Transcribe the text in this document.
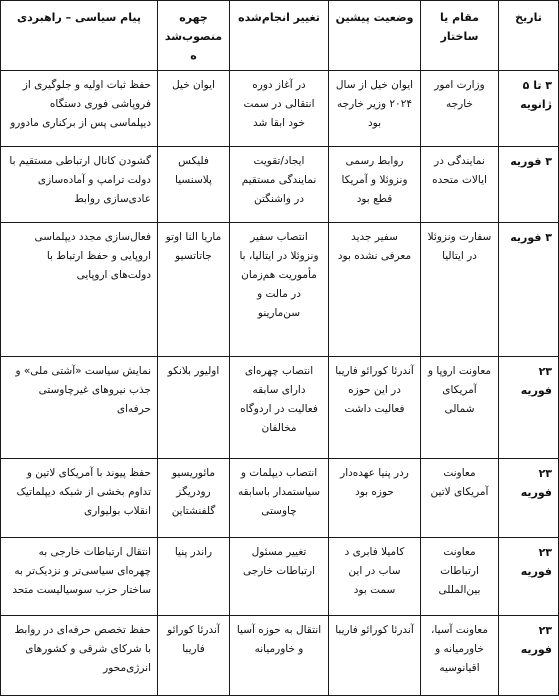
تاریخ	مقام یا ساختار	وضعیت پیشین	تغییر انجام‌شده	چهره منصوب‌شده	پیام سیاسی – راهبردی
۳ تا ۵ ژانویه	وزارت امور خارجه	ایوان خیل از سال ۲۰۲۴ وزیر خارجه بود	در آغاز دوره انتقالی در سمت خود ابقا شد	ایوان خیل	حفظ ثبات اولیه و جلوگیری از فروپاشی فوری دستگاه دیپلماسی پس از برکناری مادورو
۳ فوریه	نمایندگی در ایالات متحده	روابط رسمی ونزوئلا و آمریکا قطع بود	ایجاد/تقویت نمایندگی مستقیم در واشنگتن	فلیکس پلاسنسیا	گشودن کانال ارتباطی مستقیم با دولت ترامپ و آماده‌سازی عادی‌سازی روابط
۳ فوریه	سفارت ونزوئلا در ایتالیا	سفیر جدید معرفی نشده بود	انتصاب سفیر ونزوئلا در ایتالیا، با مأموریت هم‌زمان در مالت و سن‌مارینو	ماریا النا اوتو جاتاتسیو	فعال‌سازی مجدد دیپلماسی اروپایی و حفظ ارتباط با دولت‌های اروپایی
۲۳ فوریه	معاونت اروپا و آمریکای شمالی	آندرئا کورائو فاریبا در این حوزه فعالیت داشت	انتصاب چهره‌ای دارای سابقه فعالیت در اردوگاه مخالفان	اولیور بلانکو	نمایش سیاست «آشتی ملی» و جذب نیروهای غیرچاوستی حرفه‌ای
۲۳ فوریه	معاونت آمریکای لاتین	ردر پنیا عهده‌دار حوزه بود	انتصاب دیپلمات و سیاستمدار باسابقه چاوستی	مائوریسیو رودریگز گلفنشتاین	حفظ پیوند با آمریکای لاتین و تداوم بخشی از شبکه دیپلماتیک انقلاب بولیواری
۲۳ فوریه	معاونت ارتباطات بین‌المللی	کامیلا فابری د ساب در این سمت بود	تغییر مسئول ارتباطات خارجی	راندر پنیا	انتقال ارتباطات خارجی به چهره‌ای سیاسی‌تر و نزدیک‌تر به ساختار حزب سوسیالیست متحد
۲۳ فوریه	معاونت آسیا، خاورمیانه و اقیانوسیه	آندرئا کورائو فاریبا	انتقال به حوزه آسیا و خاورمیانه	آندرئا کورائو فاریبا	حفظ تخصص حرفه‌ای در روابط با شرکای شرقی و کشورهای انرژی‌محور
